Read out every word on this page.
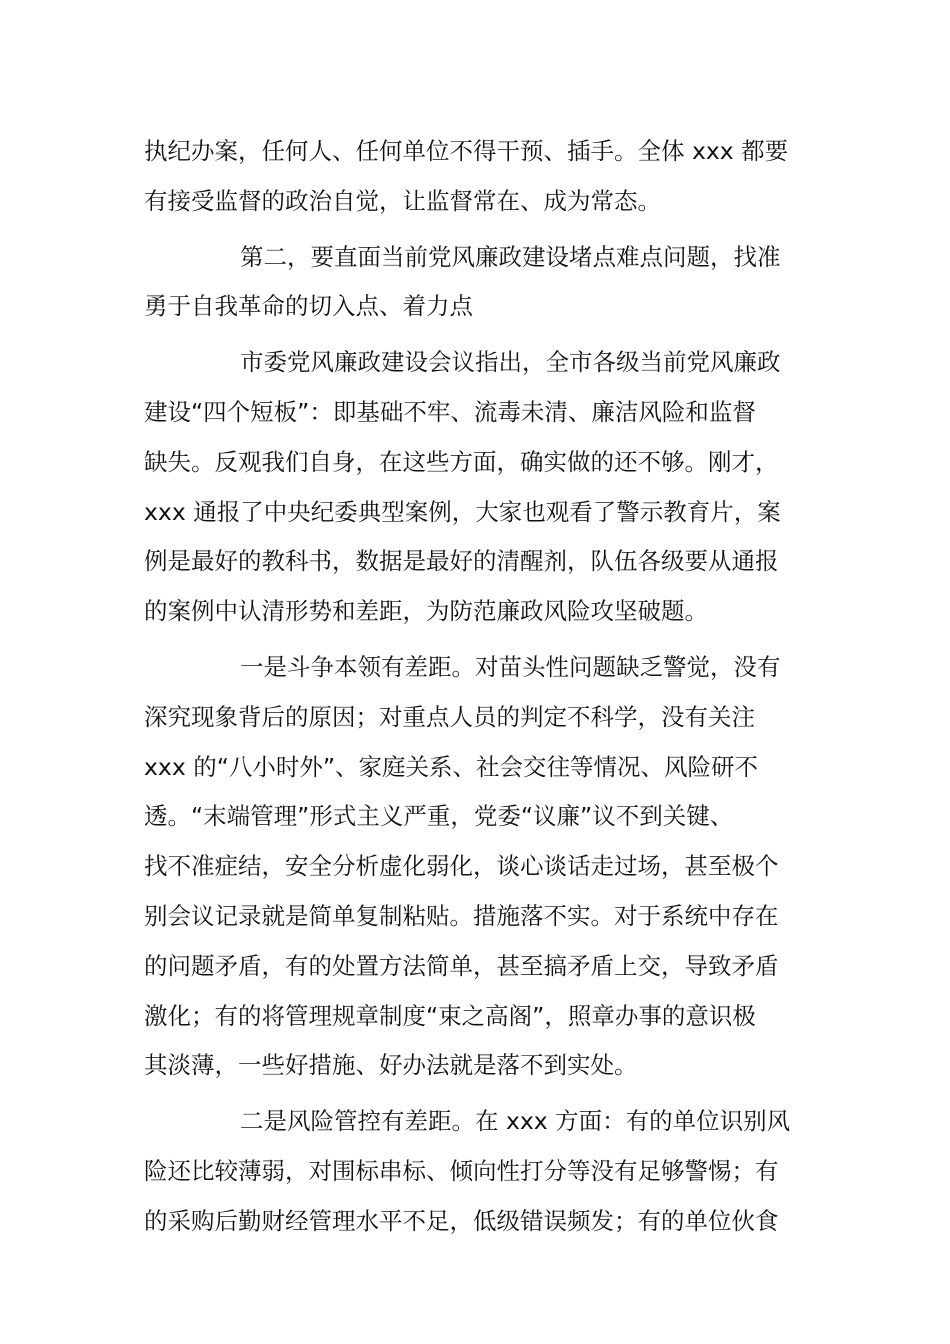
执纪办案，任何人、任何单位不得干预、插手。全体 xxx 都要
有接受监督的政治自觉，让监督常在、成为常态。

第二，要直面当前党风廉政建设堵点难点问题，找准
勇于自我革命的切入点、着力点

市委党风廉政建设会议指出，全市各级当前党风廉政
建设“四个短板”：即基础不牢、流毒未清、廉洁风险和监督
缺失。反观我们自身，在这些方面，确实做的还不够。刚才，
xxx 通报了中央纪委典型案例，大家也观看了警示教育片，案
例是最好的教科书，数据是最好的清醒剂，队伍各级要从通报
的案例中认清形势和差距，为防范廉政风险攻坚破题。

一是斗争本领有差距。对苗头性问题缺乏警觉，没有
深究现象背后的原因；对重点人员的判定不科学，没有关注
xxx 的“八小时外”、家庭关系、社会交往等情况、风险研不
透。“末端管理”形式主义严重，党委“议廉”议不到关键、
找不准症结，安全分析虚化弱化，谈心谈话走过场，甚至极个
别会议记录就是简单复制粘贴。措施落不实。对于系统中存在
的问题矛盾，有的处置方法简单，甚至搞矛盾上交，导致矛盾
激化；有的将管理规章制度“束之高阁”，照章办事的意识极
其淡薄，一些好措施、好办法就是落不到实处。

二是风险管控有差距。在 xxx 方面：有的单位识别风
险还比较薄弱，对围标串标、倾向性打分等没有足够警惕；有
的采购后勤财经管理水平不足，低级错误频发；有的单位伙食
